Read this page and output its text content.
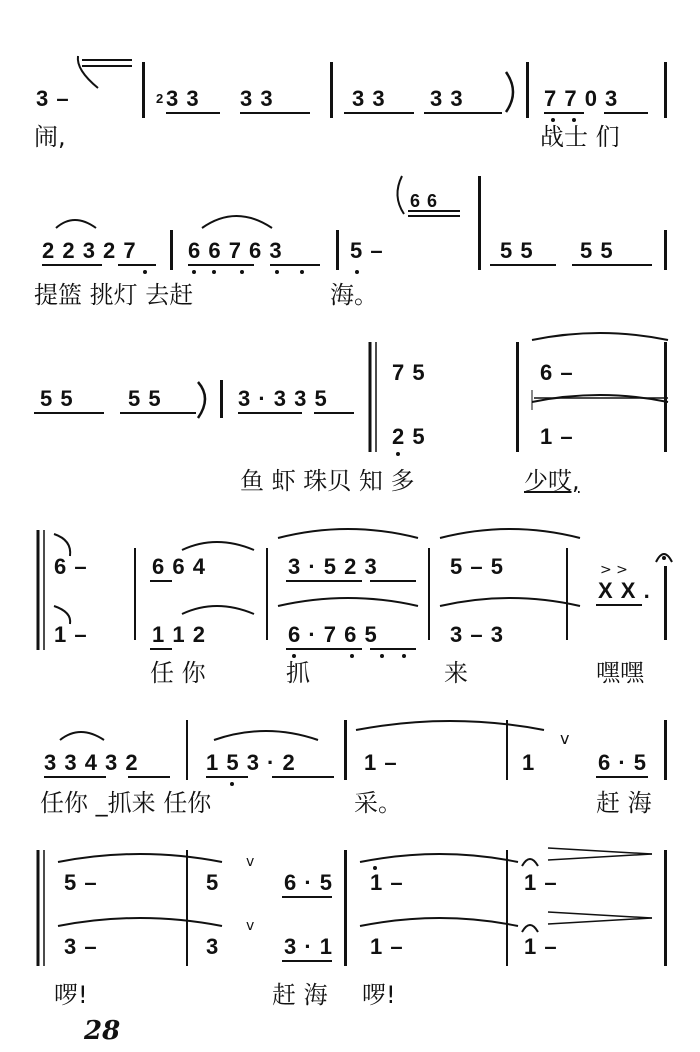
3 –	$^2$ 3 3 3 3	3 3 3 3	7 7 0 3
闹,	战士 们
6 6
2 2 3 2 7 6 6 7 6 3	5 –	5 5 5 5
提篮 挑灯 去赶	海。
5 5 5 5	3 · 3 3 5
7 5
2 5
6 –
1 –
鱼 虾 珠贝 知 多	少哎,
> >
6 –
1 –
6 6 4
1 1 2
3 · 5 2 3
6 · 7 6 5
5 – 5
3 – 3
X X .
任 你	抓	来	嘿嘿
v
3 3 4 3 2	1 5 3 · 2	1 –	1	6 · 5
任你 _抓来 任你	采。	赶 海
v
v
5 –
3 –
5
3
6 · 5
3 · 1
1 –
1 –
1 –
1 –
啰!	赶 海 啰!
28
